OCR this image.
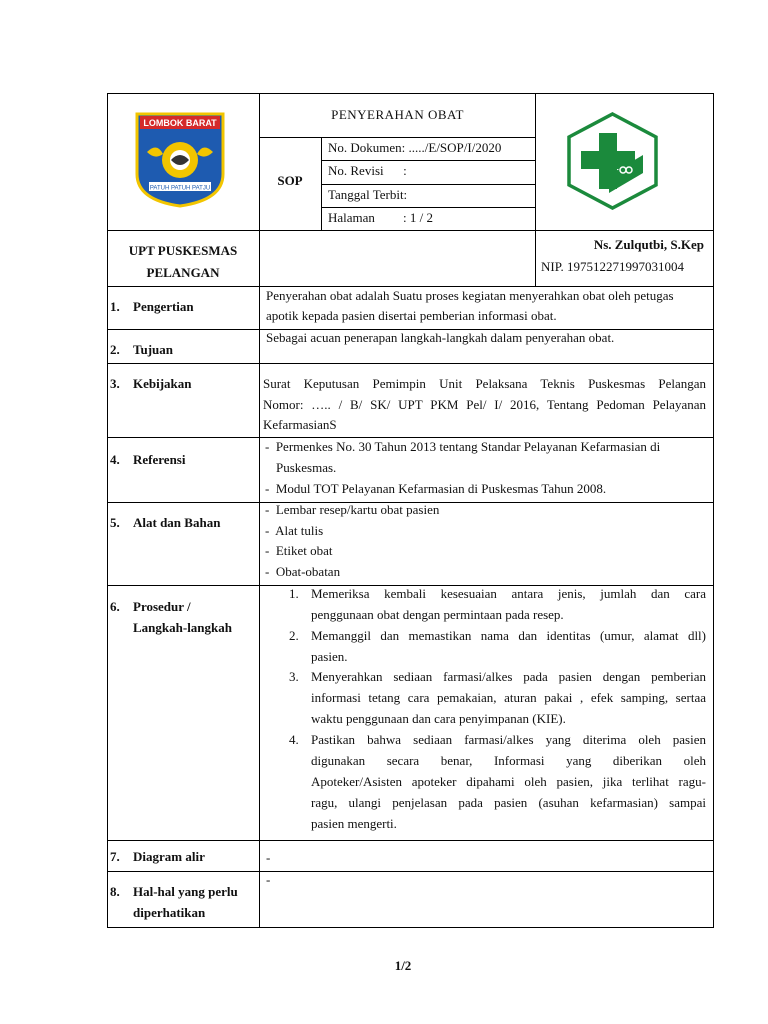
LOMBOK BARAT
PATUH PATUH PATJU
PENYERAHAN OBAT
SOP
No. Dokumen: ...../E/SOP/I/2020
No. Revisi      :
Tanggal Terbit:
Halaman : 1 / 2
UPT PUSKESMAS
PELANGAN
Ns. Zulqutbi, S.Kep
NIP. 197512271997031004
1. Pengertian
Penyerahan obat adalah Suatu proses kegiatan menyerahkan obat oleh petugas
apotik kepada pasien disertai pemberian informasi obat.
2. Tujuan
Sebagai acuan penerapan langkah-langkah dalam penyerahan obat.
3. Kebijakan	Surat Keputusan Pemimpin Unit Pelaksana Teknis Puskesmas Pelangan
Nomor: ….. / B/ SK/ UPT PKM Pel/ I/ 2016, Tentang Pedoman Pelayanan
KefarmasianS
4. Referensi
-  Permenkes No. 30 Tahun 2013 tentang Standar Pelayanan Kefarmasian di
Puskesmas.
-  Modul TOT Pelayanan Kefarmasian di Puskesmas Tahun 2008.
5. Alat dan Bahan
-  Lembar resep/kartu obat pasien
-  Alat tulis
-  Etiket obat
-  Obat-obatan
6. Prosedur /
Langkah-langkah
1. Memeriksa kembali kesesuaian antara jenis, jumlah dan cara
penggunaan obat dengan permintaan pada resep.
2. Memanggil dan memastikan nama dan identitas (umur, alamat dll)
pasien.
3. Menyerahkan sediaan farmasi/alkes pada pasien dengan pemberian
informasi tetang cara pemakaian, aturan pakai , efek samping, sertaa
waktu penggunaan dan cara penyimpanan (KIE).
4. Pastikan bahwa sediaan farmasi/alkes yang diterima oleh pasien
digunakan secara benar, Informasi yang diberikan oleh
Apoteker/Asisten apoteker dipahami oleh pasien, jika terlihat ragu-
ragu, ulangi penjelasan pada pasien (asuhan kefarmasian) sampai
pasien mengerti.
7. Diagram alir	-
8. Hal-hal yang perlu
diperhatikan
-
1/2
